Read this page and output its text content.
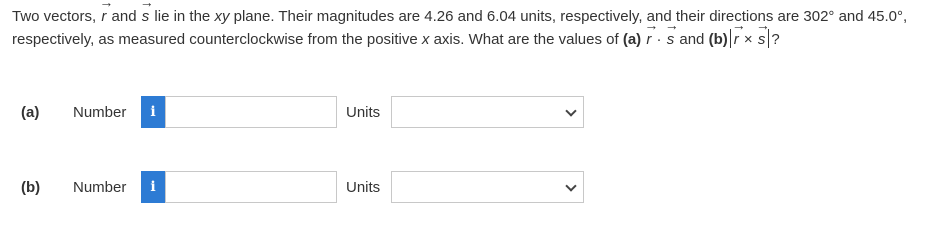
Two vectors, → r and → s lie in the xy plane. Their magnitudes are 4.26 and 6.04 units, respectively, and their directions are 302° and 45.0°, respectively, as measured counterclockwise from the positive x axis. What are the values of (a) → r · → s and (b) → r × → s ?
(a) Number	i	Units
(b) Number	i	Units
